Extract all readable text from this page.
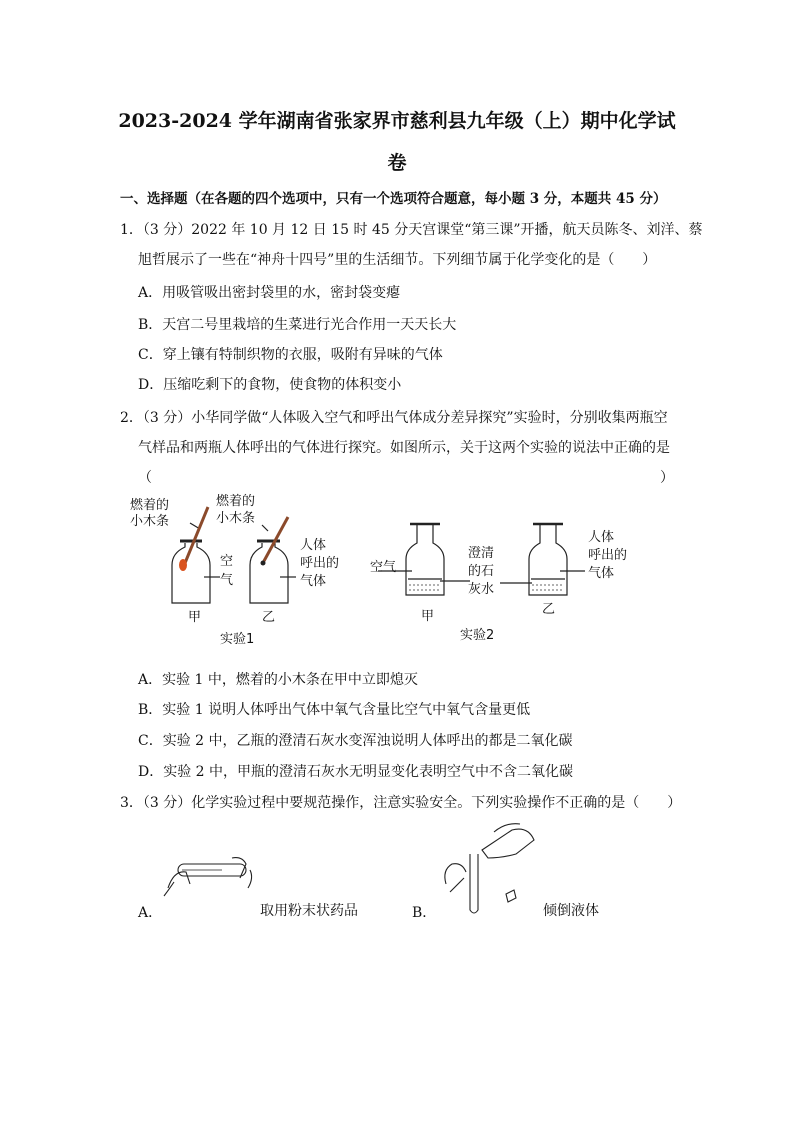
2023-2024 学年湖南省张家界市慈利县九年级（上）期中化学试
卷
一、选择题（在各题的四个选项中，只有一个选项符合题意，每小题 3 分，本题共 45 分）
1．（3 分）2022 年 10 月 12 日 15 时 45 分天宫课堂“第三课”开播，航天员陈冬、刘洋、蔡
旭哲展示了一些在“神舟十四号”里的生活细节。下列细节属于化学变化的是（　　）
A．用吸管吸出密封袋里的水，密封袋变瘪
B．天宫二号里栽培的生菜进行光合作用一天天长大
C．穿上镶有特制织物的衣服，吸附有异味的气体
D．压缩吃剩下的食物，使食物的体积变小
2．（3 分）小华同学做“人体吸入空气和呼出气体成分差异探究”实验时，分别收集两瓶空
气样品和两瓶人体呼出的气体进行探究。如图所示，关于这两个实验的说法中正确的是
（	）
燃着的
小木条
燃着的
小木条
空
气
人体
呼出的
气体
甲	乙
实验1
空气
澄清
的石
灰水
人体
呼出的
气体
甲	乙
实验2
A．实验 1 中，燃着的小木条在甲中立即熄灭
B．实验 1 说明人体呼出气体中氧气含量比空气中氧气含量更低
C．实验 2 中，乙瓶的澄清石灰水变浑浊说明人体呼出的都是二氧化碳
D．实验 2 中，甲瓶的澄清石灰水无明显变化表明空气中不含二氧化碳
3．（3 分）化学实验过程中要规范操作，注意实验安全。下列实验操作不正确的是（　　）
A．	取用粉末状药品	B．	倾倒液体
